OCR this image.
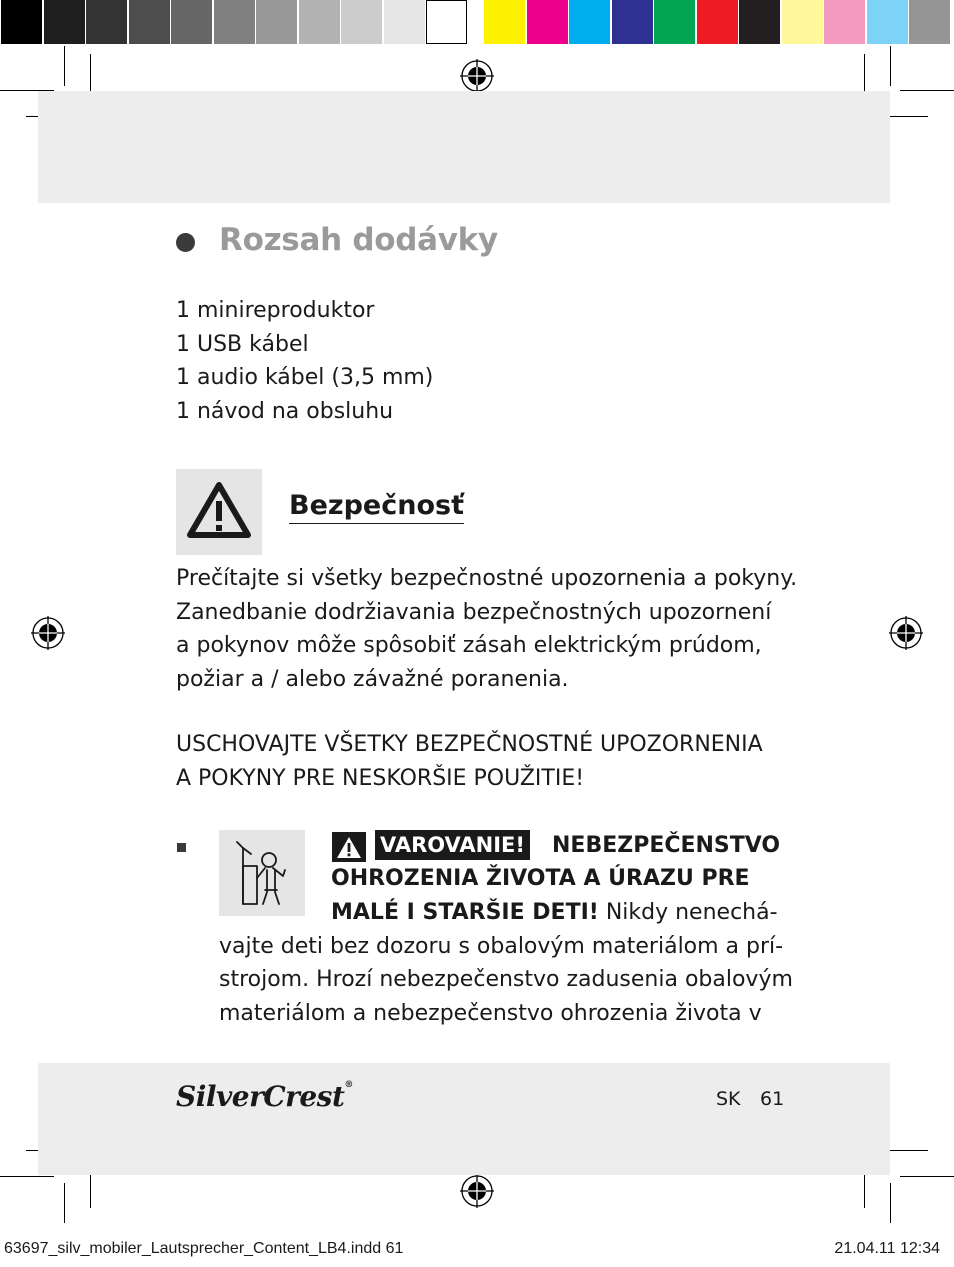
Rozsah dodávky
1 minireproduktor
1 USB kábel
1 audio kábel (3,5 mm)
1 návod na obsluhu
Bezpečnosť
Prečítajte si všetky bezpečnostné upozornenia a pokyny.
Zanedbanie dodržiavania bezpečnostných upozornení
a pokynov môže spôsobiť zásah elektrickým prúdom,
požiar a / alebo závažné poranenia.
USCHOVAJTE VŠETKY BEZPEČNOSTNÉ UPOZORNENIA
A POKYNY PRE NESKORŠIE POUŽITIE!
VAROVANIE! NEBEZPEČENSTVO
OHROZENIA ŽIVOTA A ÚRAZU PRE
MALÉ I STARŠIE DETI! Nikdy nenechá-
vajte deti bez dozoru s obalovým materiálom a prí-
strojom. Hrozí nebezpečenstvo zadusenia obalovým
materiálom a nebezpečenstvo ohrozenia života v
SilverCrest®
SK 61
63697_silv_mobiler_Lautsprecher_Content_LB4.indd 61	21.04.11 12:34
